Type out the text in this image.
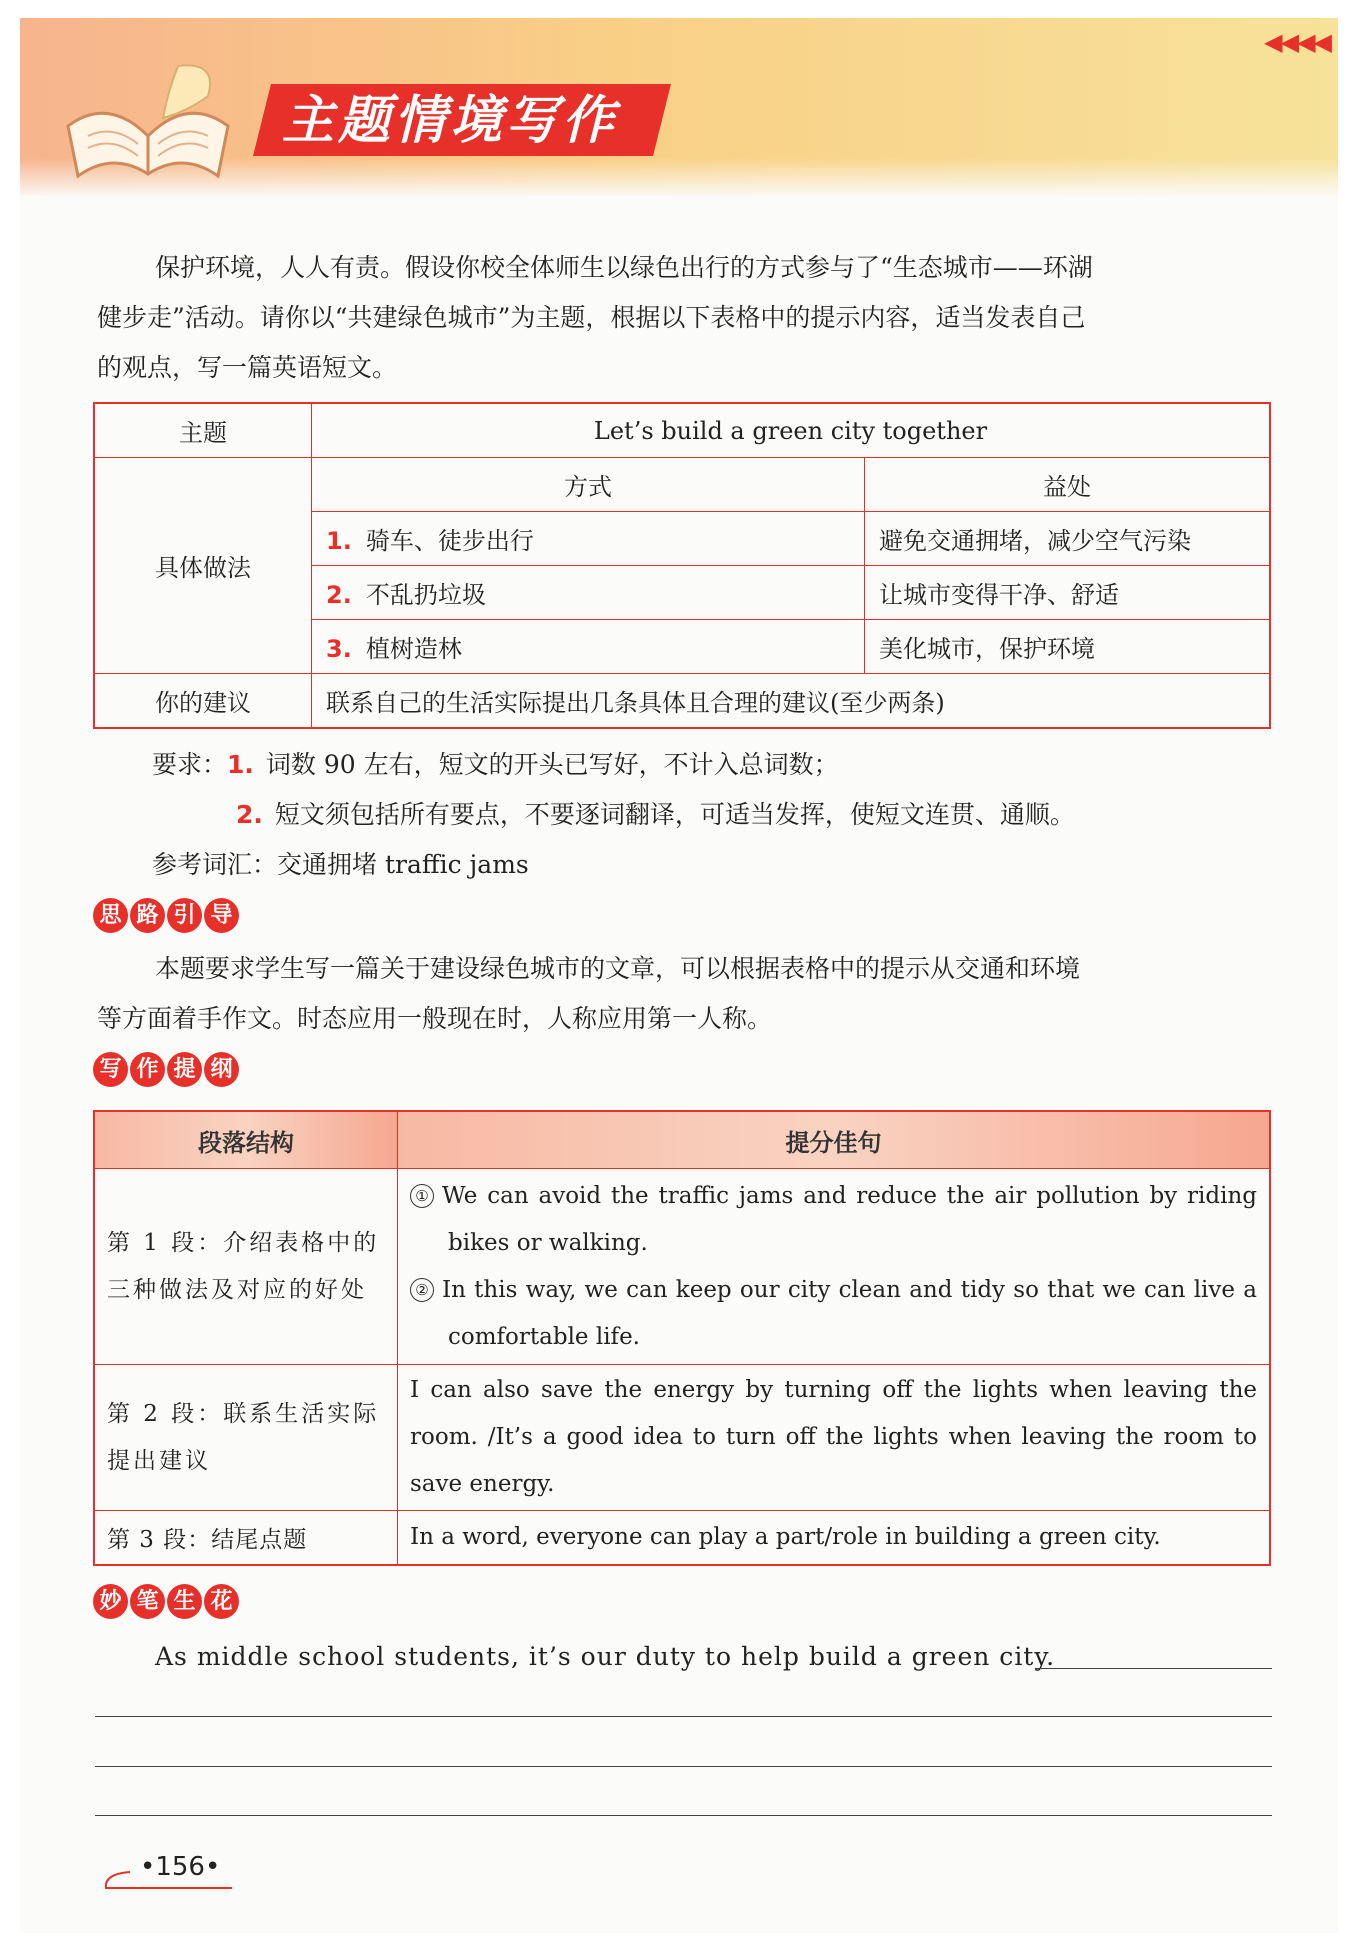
主题情境写作
◀◀◀◀
保护环境，人人有责。假设你校全体师生以绿色出行的方式参与了“生态城市——环湖
健步走”活动。请你以“共建绿色城市”为主题，根据以下表格中的提示内容，适当发表自己
的观点，写一篇英语短文。
主题	Let’s build a green city together	
具体做法	方式	益处
	1. 骑车、徒步出行	避免交通拥堵，减少空气污染
	2. 不乱扔垃圾	让城市变得干净、舒适
	3. 植树造林	美化城市，保护环境
你的建议	联系自己的生活实际提出几条具体且合理的建议(至少两条)	
要求：1. 词数 90 左右，短文的开头已写好，不计入总词数；
2. 短文须包括所有要点，不要逐词翻译，可适当发挥，使短文连贯、通顺。
参考词汇：交通拥堵 traffic jams
思 路 引 导
本题要求学生写一篇关于建设绿色城市的文章，可以根据表格中的提示从交通和环境
等方面着手作文。时态应用一般现在时，人称应用第一人称。
写 作 提 纲
段落结构	提分佳句
第 1 段：介绍表格中的三种做法及对应的好处	① We can avoid the traffic jams and reduce the air pollution by riding bikes or walking.
② In this way, we can keep our city clean and tidy so that we can live a comfortable life.

第 2 段：联系生活实际提出建议	I can also save the energy by turning off the lights when leaving the room. /It’s a good idea to turn off the lights when leaving the room to save energy.
第 3 段：结尾点题	In a word, everyone can play a part/role in building a green city.
妙 笔 生 花
As middle school students, it’s our duty to help build a green city.
•156•
